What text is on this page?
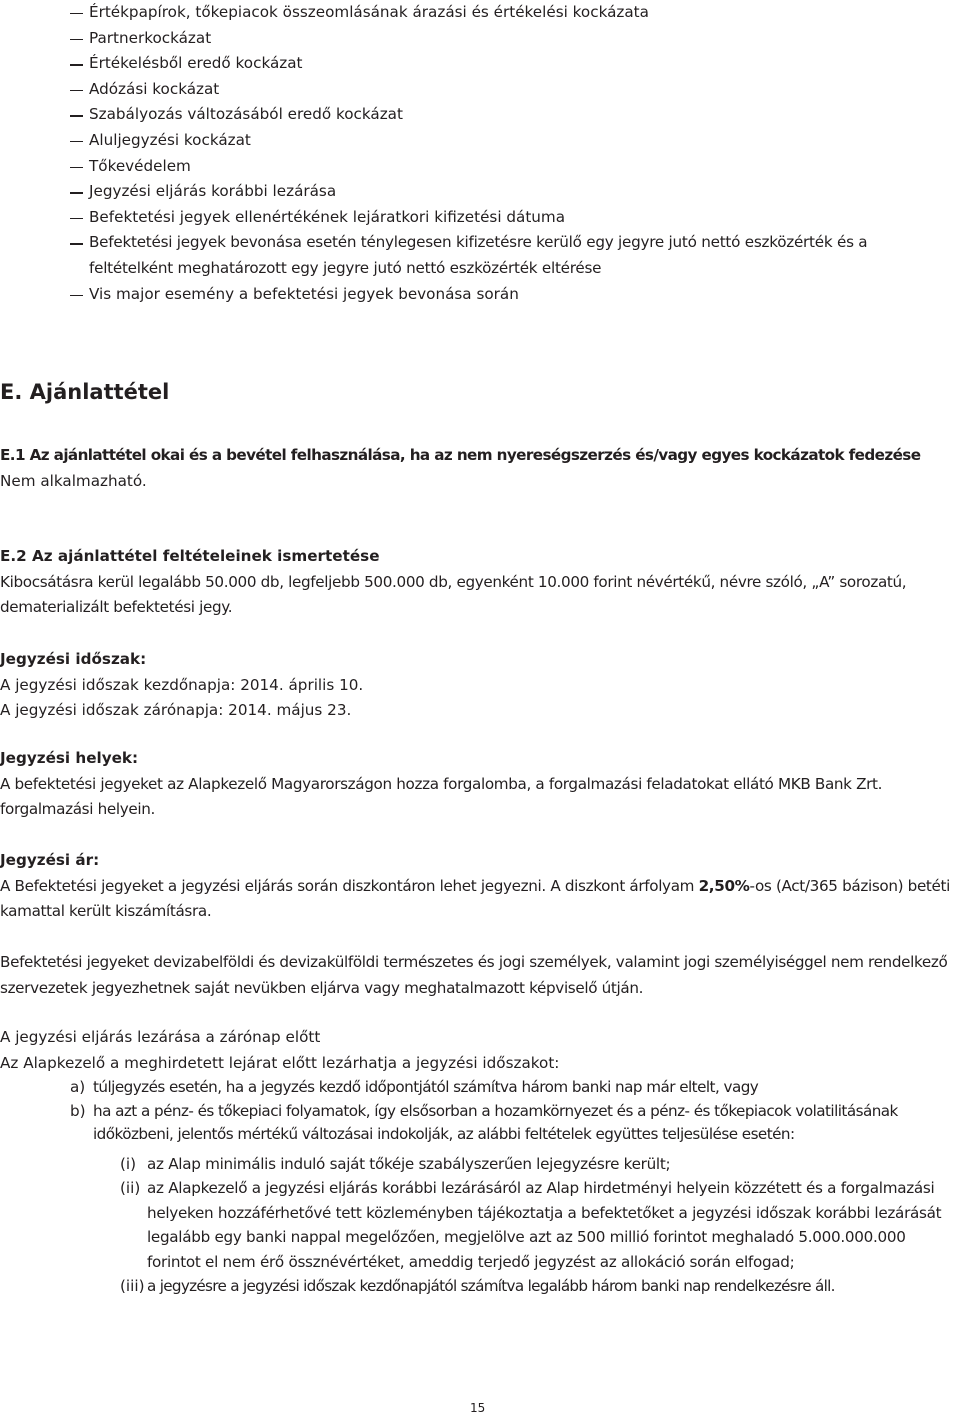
Értékpapírok, tőkepiacok összeomlásának árazási és értékelési kockázata
Partnerkockázat
Értékelésből eredő kockázat
Adózási kockázat
Szabályozás változásából eredő kockázat
Aluljegyzési kockázat
Tőkevédelem
Jegyzési eljárás korábbi lezárása
Befektetési jegyek ellenértékének lejáratkori kifizetési dátuma
Befektetési jegyek bevonása esetén ténylegesen kifizetésre kerülő egy jegyre jutó nettó eszközérték és a feltételként meghatározott egy jegyre jutó nettó eszközérték eltérése
Vis major esemény a befektetési jegyek bevonása során
E. Ajánlattétel
E.1 Az ajánlattétel okai és a bevétel felhasználása, ha az nem nyereségszerzés és/vagy egyes kockázatok fedezése
Nem alkalmazható.
E.2 Az ajánlattétel feltételeinek ismertetése
Kibocsátásra kerül legalább 50.000 db, legfeljebb 500.000 db, egyenként 10.000 forint névértékű, névre szóló, „A” sorozatú, dematerializált befektetési jegy.
Jegyzési időszak:
A jegyzési időszak kezdőnapja: 2014. április 10.
A jegyzési időszak zárónapja: 2014. május 23.
Jegyzési helyek:
A befektetési jegyeket az Alapkezelő Magyarországon hozza forgalomba, a forgalmazási feladatokat ellátó MKB Bank Zrt. forgalmazási helyein.
Jegyzési ár:
A Befektetési jegyeket a jegyzési eljárás során diszkontáron lehet jegyezni. A diszkont árfolyam 2,50%-os (Act/365 bázison) betéti kamattal került kiszámításra.
Befektetési jegyeket devizabelföldi és devizakülföldi természetes és jogi személyek, valamint jogi személyiséggel nem rendelkező szervezetek jegyezhetnek saját nevükben eljárva vagy meghatalmazott képviselő útján.
A jegyzési eljárás lezárása a zárónap előtt
Az Alapkezelő a meghirdetett lejárat előtt lezárhatja a jegyzési időszakot:
a) túljegyzés esetén, ha a jegyzés kezdő időpontjától számítva három banki nap már eltelt, vagy
b) ha azt a pénz- és tőkepiaci folyamatok, így elsősorban a hozamkörnyezet és a pénz- és tőkepiacok volatilitásának időközbeni, jelentős mértékű változásai indokolják, az alábbi feltételek együttes teljesülése esetén:
(i) az Alap minimális induló saját tőkéje szabályszerűen lejegyzésre került;
(ii) az Alapkezelő a jegyzési eljárás korábbi lezárásáról az Alap hirdetményi helyein közzétett és a forgalmazási helyeken hozzáférhetővé tett közleményben tájékoztatja a befektetőket a jegyzési időszak korábbi lezárását legalább egy banki nappal megelőzően, megjelölve azt az 500 millió forintot meghaladó 5.000.000.000 forintot el nem érő össznévértéket, ameddig terjedő jegyzést az allokáció során elfogad;
(iii) a jegyzésre a jegyzési időszak kezdőnapjától számítva legalább három banki nap rendelkezésre áll.
15
